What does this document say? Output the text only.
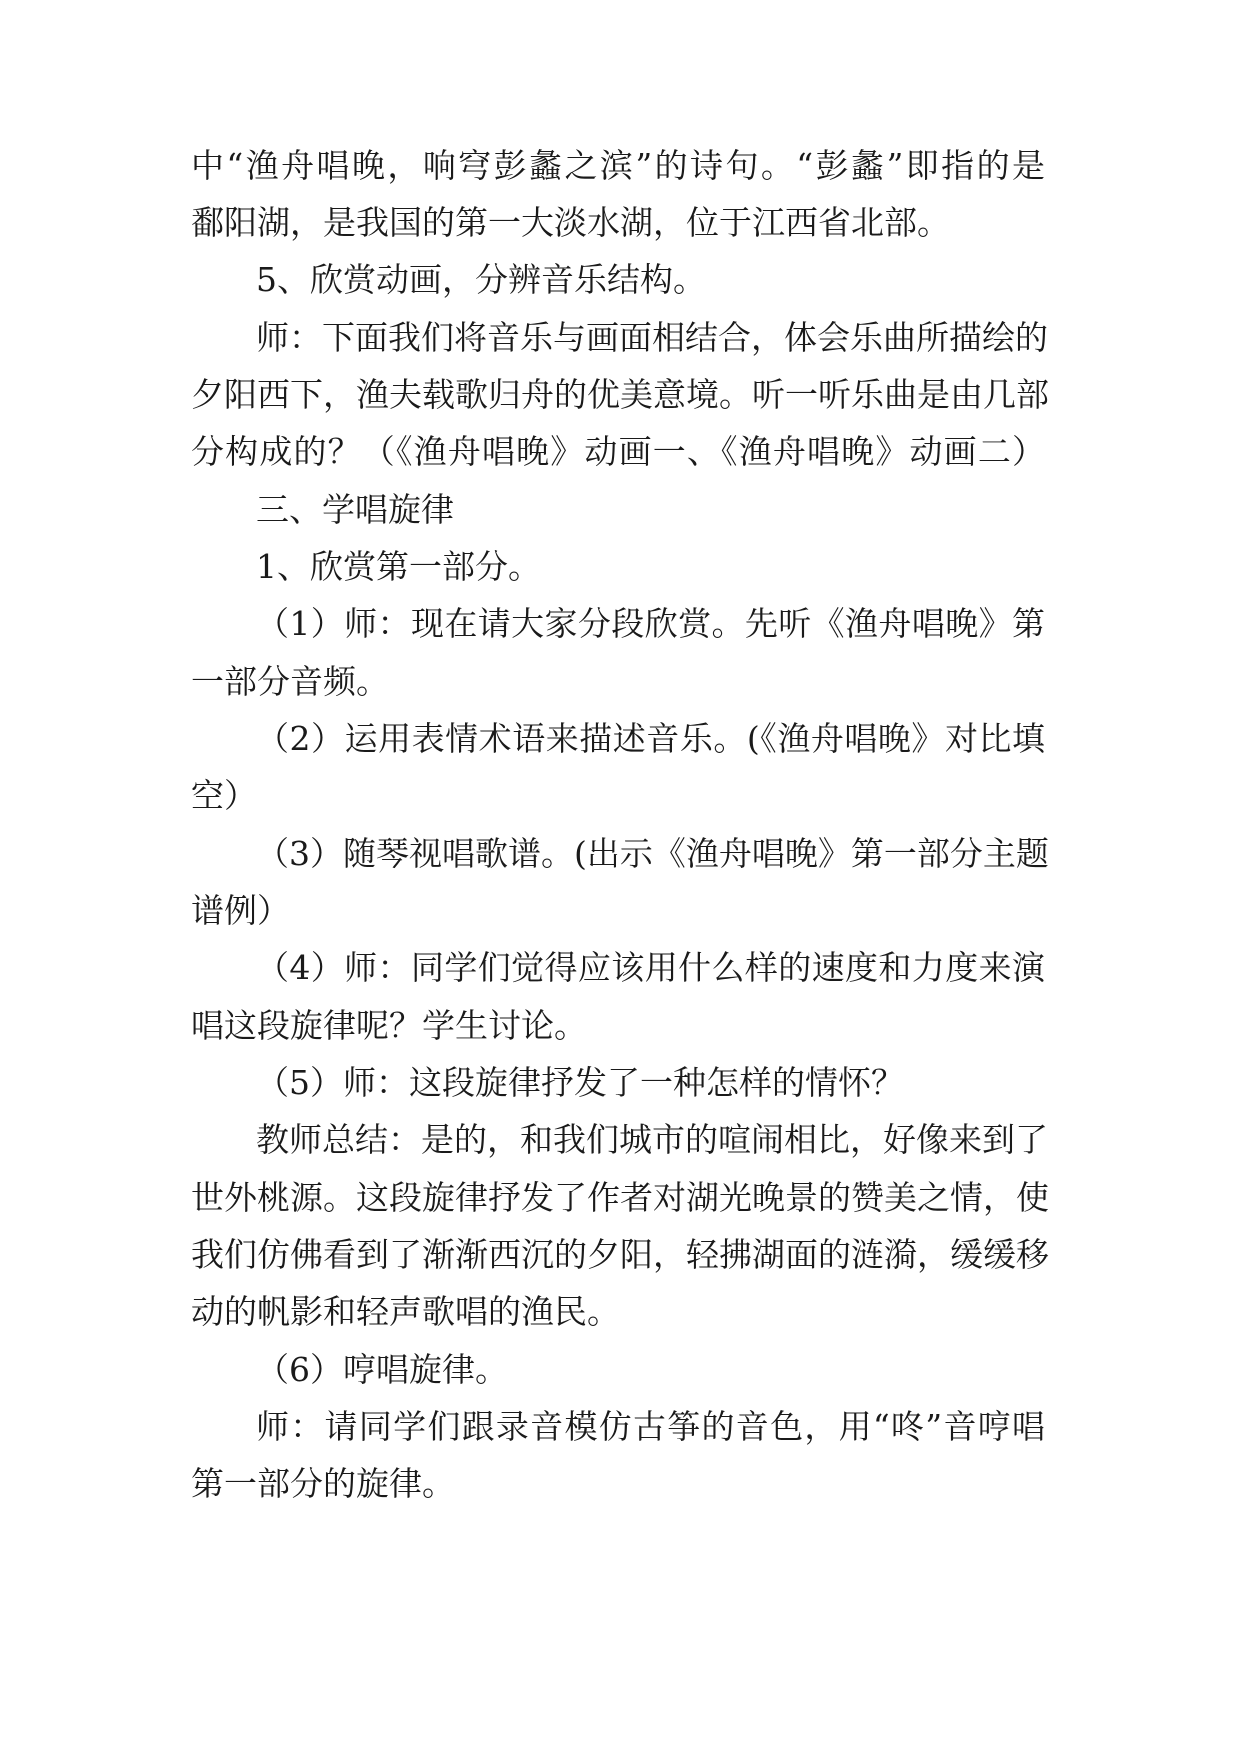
中“渔舟唱晚，响穹彭蠡之滨”的诗句。“彭蠡”即指的是
鄱阳湖，是我国的第一大淡水湖，位于江西省北部。
5、欣赏动画，分辨音乐结构。
师：下面我们将音乐与画面相结合，体会乐曲所描绘的
夕阳西下，渔夫载歌归舟的优美意境。听一听乐曲是由几部
分构成的？（《渔舟唱晚》动画一、《渔舟唱晚》动画二）
三、学唱旋律
1、欣赏第一部分。
（1）师：现在请大家分段欣赏。先听《渔舟唱晚》第
一部分音频。
（2）运用表情术语来描述音乐。(《渔舟唱晚》对比填
空）
（3）随琴视唱歌谱。(出示《渔舟唱晚》第一部分主题
谱例）
（4）师：同学们觉得应该用什么样的速度和力度来演
唱这段旋律呢？学生讨论。
（5）师：这段旋律抒发了一种怎样的情怀？
教师总结：是的，和我们城市的喧闹相比，好像来到了
世外桃源。这段旋律抒发了作者对湖光晚景的赞美之情，使
我们仿佛看到了渐渐西沉的夕阳，轻拂湖面的涟漪，缓缓移
动的帆影和轻声歌唱的渔民。
（6）哼唱旋律。
师：请同学们跟录音模仿古筝的音色，用“咚”音哼唱
第一部分的旋律。
